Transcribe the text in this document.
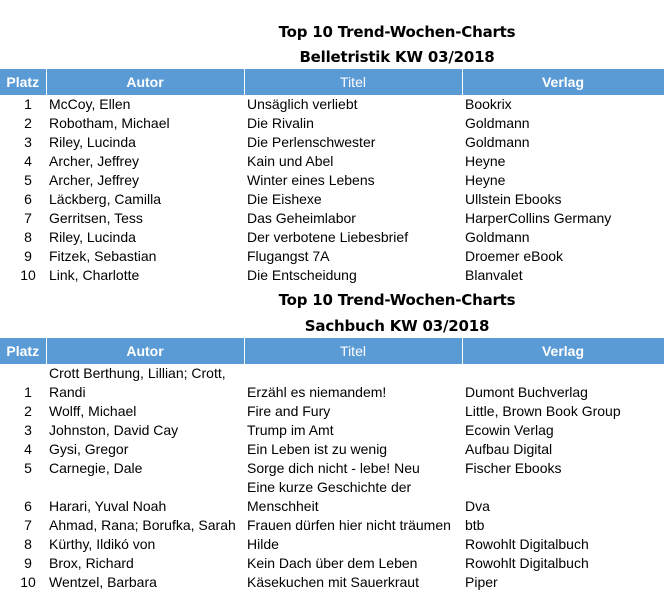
Top 10 Trend-Wochen-Charts
Belletristik KW 03/2018
Platz	Autor	Titel	Verlag
1	McCoy, Ellen	Unsäglich verliebt	Bookrix
2	Robotham, Michael	Die Rivalin	Goldmann
3	Riley, Lucinda	Die Perlenschwester	Goldmann
4	Archer, Jeffrey	Kain und Abel	Heyne
5	Archer, Jeffrey	Winter eines Lebens	Heyne
6	Läckberg, Camilla	Die Eishexe	Ullstein Ebooks
7	Gerritsen, Tess	Das Geheimlabor	HarperCollins Germany
8	Riley, Lucinda	Der verbotene Liebesbrief	Goldmann
9	Fitzek, Sebastian	Flugangst 7A	Droemer eBook
10	Link, Charlotte	Die Entscheidung	Blanvalet
Top 10 Trend-Wochen-Charts
Sachbuch KW 03/2018
Platz	Autor	Titel	Verlag
1	Crott Berthung, Lillian; Crott, Randi	Erzähl es niemandem!	Dumont Buchverlag
2	Wolff, Michael	Fire and Fury	Little, Brown Book Group
3	Johnston, David Cay	Trump im Amt	Ecowin Verlag
4	Gysi, Gregor	Ein Leben ist zu wenig	Aufbau Digital
5	Carnegie, Dale	Sorge dich nicht - lebe! Neu	Fischer Ebooks
6	Harari, Yuval Noah	Eine kurze Geschichte der Menschheit	Dva
7	Ahmad, Rana; Borufka, Sarah	Frauen dürfen hier nicht träumen	btb
8	Kürthy, Ildikó von	Hilde	Rowohlt Digitalbuch
9	Brox, Richard	Kein Dach über dem Leben	Rowohlt Digitalbuch
10	Wentzel, Barbara	Käsekuchen mit Sauerkraut	Piper
